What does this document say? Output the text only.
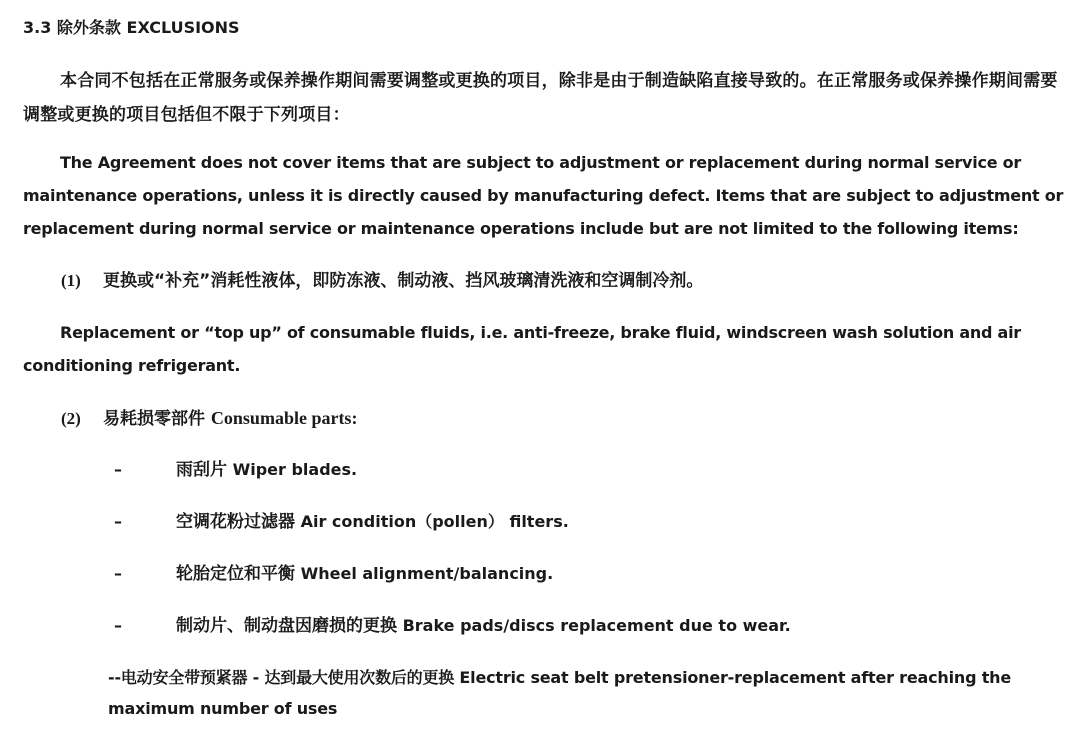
3.3 除外条款 EXCLUSIONS

本合同不包括在正常服务或保养操作期间需要调整或更换的项目，除非是由于制造缺陷直接导致的。在正常服务或保养操作期间需要调整或更换的项目包括但不限于下列项目：

The Agreement does not cover items that are subject to adjustment or replacement during normal service or maintenance operations, unless it is directly caused by manufacturing defect. Items that are subject to adjustment or replacement during normal service or maintenance operations include but are not limited to the following items:

(1) 更换或“补充”消耗性液体，即防冻液、制动液、挡风玻璃清洗液和空调制冷剂。

Replacement or “top up” of consumable fluids, i.e. anti-freeze, brake fluid, windscreen wash solution and air conditioning refrigerant.

(2) 易耗损零部件 Consumable parts:
–	雨刮片 Wiper blades.
–	空调花粉过滤器 Air condition（pollen） filters.
–	轮胎定位和平衡 Wheel alignment/balancing.
–	制动片、制动盘因磨损的更换 Brake pads/discs replacement due to wear.

--电动安全带预紧器 - 达到最大使用次数后的更换 Electric seat belt pretensioner-replacement after reaching the maximum number of uses
